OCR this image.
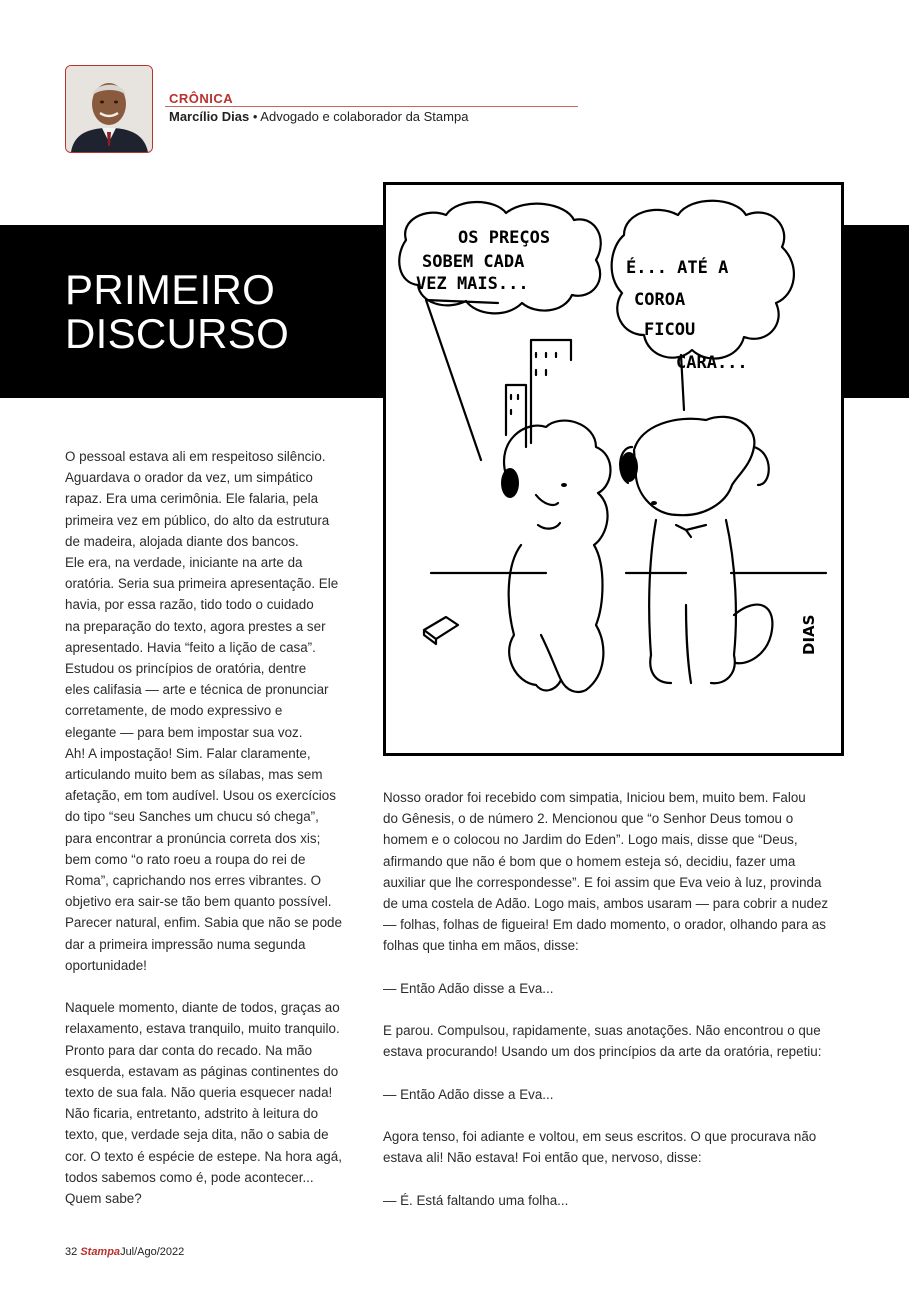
CRÔNICA
Marcílio Dias • Advogado e colaborador da Stampa
PRIMEIRO
DISCURSO
OS PREÇOS
SOBEM CADA
VEZ MAIS...
É... ATÉ A
COROA
FICOU
CARA...
DIAS

O pessoal estava ali em respeitoso silêncio.
Aguardava o orador da vez, um simpático
rapaz. Era uma cerimônia. Ele falaria, pela
primeira vez em público, do alto da estrutura
de madeira, alojada diante dos bancos.
Ele era, na verdade, iniciante na arte da
oratória. Seria sua primeira apresentação. Ele
havia, por essa razão, tido todo o cuidado
na preparação do texto, agora prestes a ser
apresentado. Havia “feito a lição de casa”.
Estudou os princípios de oratória, dentre
eles califasia — arte e técnica de pronunciar
corretamente, de modo expressivo e
elegante — para bem impostar sua voz.
Ah! A impostação! Sim. Falar claramente,
articulando muito bem as sílabas, mas sem
afetação, em tom audível. Usou os exercícios
do tipo “seu Sanches um chucu só chega”,
para encontrar a pronúncia correta dos xis;
bem como “o rato roeu a roupa do rei de
Roma”, caprichando nos erres vibrantes. O
objetivo era sair-se tão bem quanto possível.
Parecer natural, enfim. Sabia que não se pode
dar a primeira impressão numa segunda
oportunidade!

Naquele momento, diante de todos, graças ao
relaxamento, estava tranquilo, muito tranquilo.
Pronto para dar conta do recado. Na mão
esquerda, estavam as páginas continentes do
texto de sua fala. Não queria esquecer nada!
Não ficaria, entretanto, adstrito à leitura do
texto, que, verdade seja dita, não o sabia de
cor. O texto é espécie de estepe. Na hora agá,
todos sabemos como é, pode acontecer...
Quem sabe?

Nosso orador foi recebido com simpatia, Iniciou bem, muito bem. Falou
do Gênesis, o de número 2. Mencionou que “o Senhor Deus tomou o
homem e o colocou no Jardim do Eden”. Logo mais, disse que “Deus,
afirmando que não é bom que o homem esteja só, decidiu, fazer uma
auxiliar que lhe correspondesse”. E foi assim que Eva veio à luz, provinda
de uma costela de Adão. Logo mais, ambos usaram — para cobrir a nudez
— folhas, folhas de figueira! Em dado momento, o orador, olhando para as
folhas que tinha em mãos, disse:

— Então Adão disse a Eva...

E parou. Compulsou, rapidamente, suas anotações. Não encontrou o que
estava procurando! Usando um dos princípios da arte da oratória, repetiu:

— Então Adão disse a Eva...

Agora tenso, foi adiante e voltou, em seus escritos. O que procurava não
estava ali! Não estava! Foi então que, nervoso, disse:

— É. Está faltando uma folha...

32 StampaJul/Ago/2022
